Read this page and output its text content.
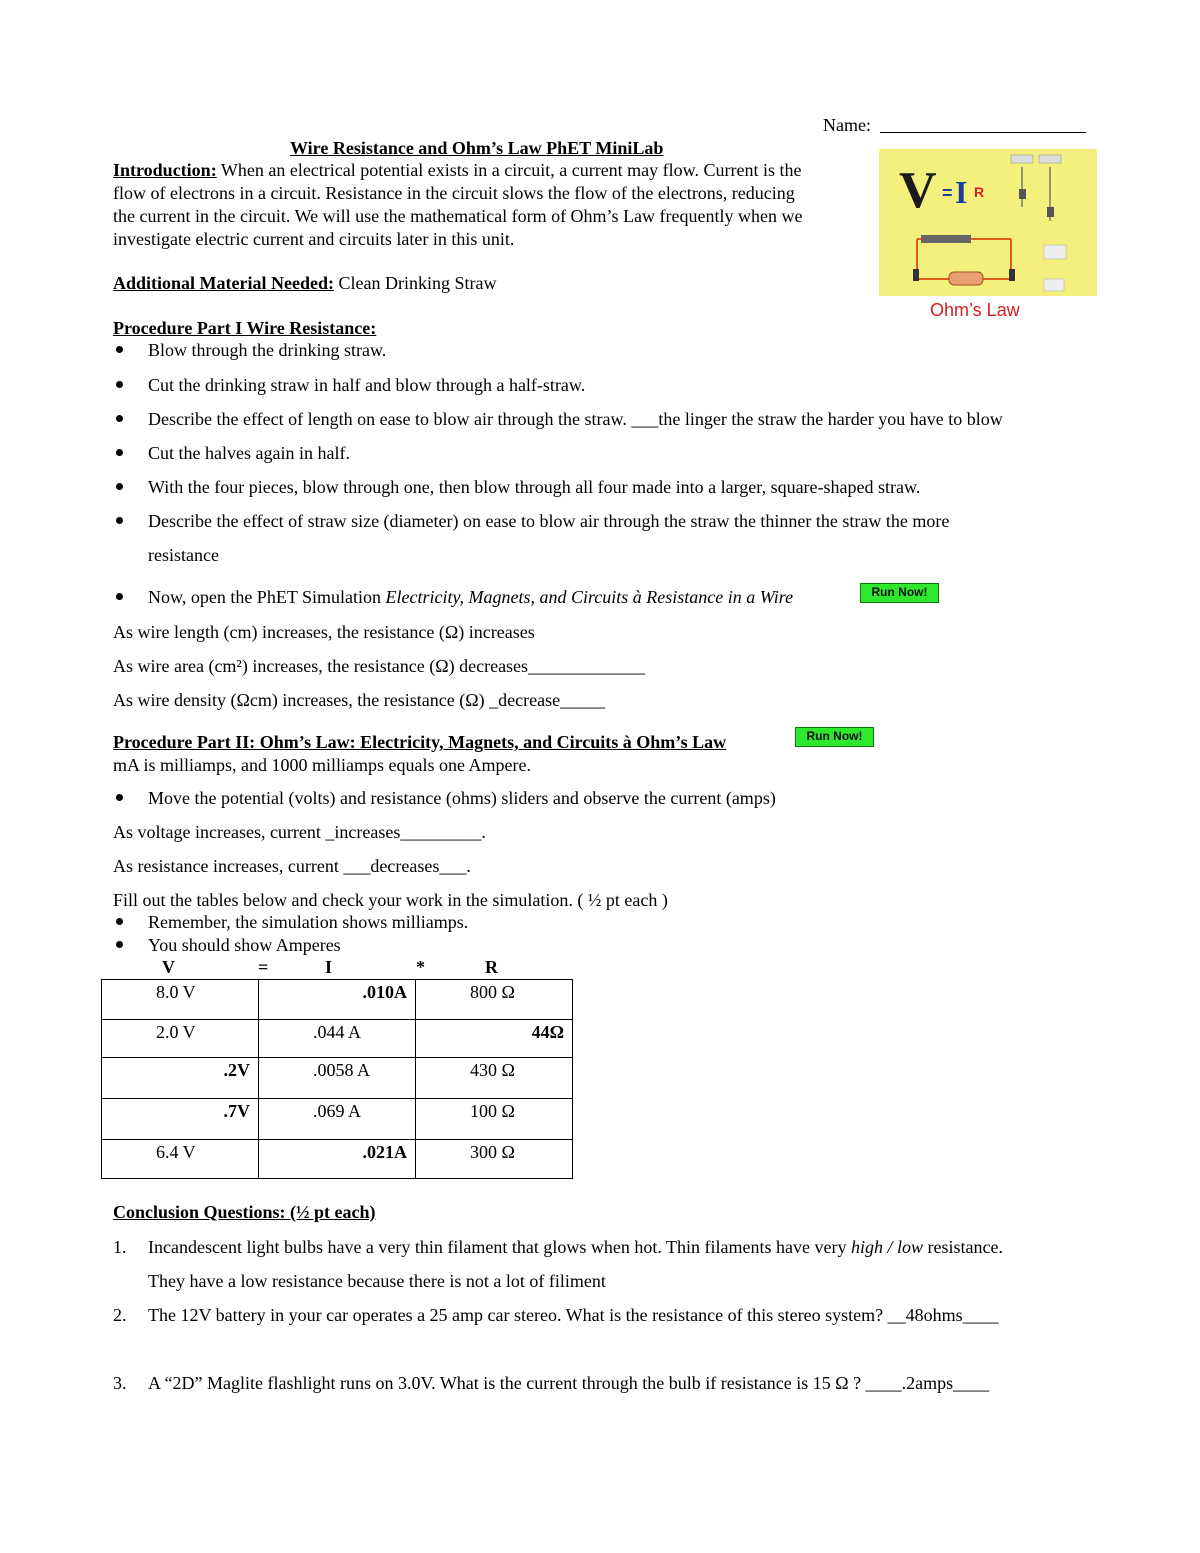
Name:
Wire Resistance and Ohm’s Law PhET MiniLab
Introduction: When an electrical potential exists in a circuit, a current may flow. Current is the
flow of electrons in a circuit. Resistance in the circuit slows the flow of the electrons, reducing
the current in the circuit. We will use the mathematical form of Ohm’s Law frequently when we
investigate electric current and circuits later in this unit.
V = I R
Ohm’s Law
Additional Material Needed: Clean Drinking Straw
Procedure Part I Wire Resistance:
Blow through the drinking straw.
Cut the drinking straw in half and blow through a half-straw.
Describe the effect of length on ease to blow air through the straw. ___the linger the straw the harder you have to blow
Cut the halves again in half.
With the four pieces, blow through one, then blow through all four made into a larger, square-shaped straw.
Describe the effect of straw size (diameter) on ease to blow air through the straw the thinner the straw the more
resistance
Now, open the PhET Simulation Electricity, Magnets, and Circuits à Resistance in a Wire	Run Now!
As wire length (cm) increases, the resistance (Ω) increases
As wire area (cm²) increases, the resistance (Ω) decreases_____________
As wire density (Ωcm) increases, the resistance (Ω) _decrease_____
Procedure Part II: Ohm’s Law: Electricity, Magnets, and Circuits à Ohm’s Law	Run Now!
mA is milliamps, and 1000 milliamps equals one Ampere.
Move the potential (volts) and resistance (ohms) sliders and observe the current (amps)
As voltage increases, current _increases_________.
As resistance increases, current ___decreases___.
Fill out the tables below and check your work in the simulation. ( ½ pt each )
Remember, the simulation shows milliamps.
You should show Amperes
V	=	I	*	R
8.0 V	.010A	800 Ω
2.0 V	.044 A	44Ω
.2V	.0058 A	430 Ω
.7V	.069 A	100 Ω
6.4 V	.021A	300 Ω
Conclusion Questions: (½ pt each)
1. Incandescent light bulbs have a very thin filament that glows when hot. Thin filaments have very high / low resistance.
They have a low resistance because there is not a lot of filiment
2. The 12V battery in your car operates a 25 amp car stereo. What is the resistance of this stereo system? __48ohms____
3. A “2D” Maglite flashlight runs on 3.0V. What is the current through the bulb if resistance is 15 Ω ? ____.2amps____
